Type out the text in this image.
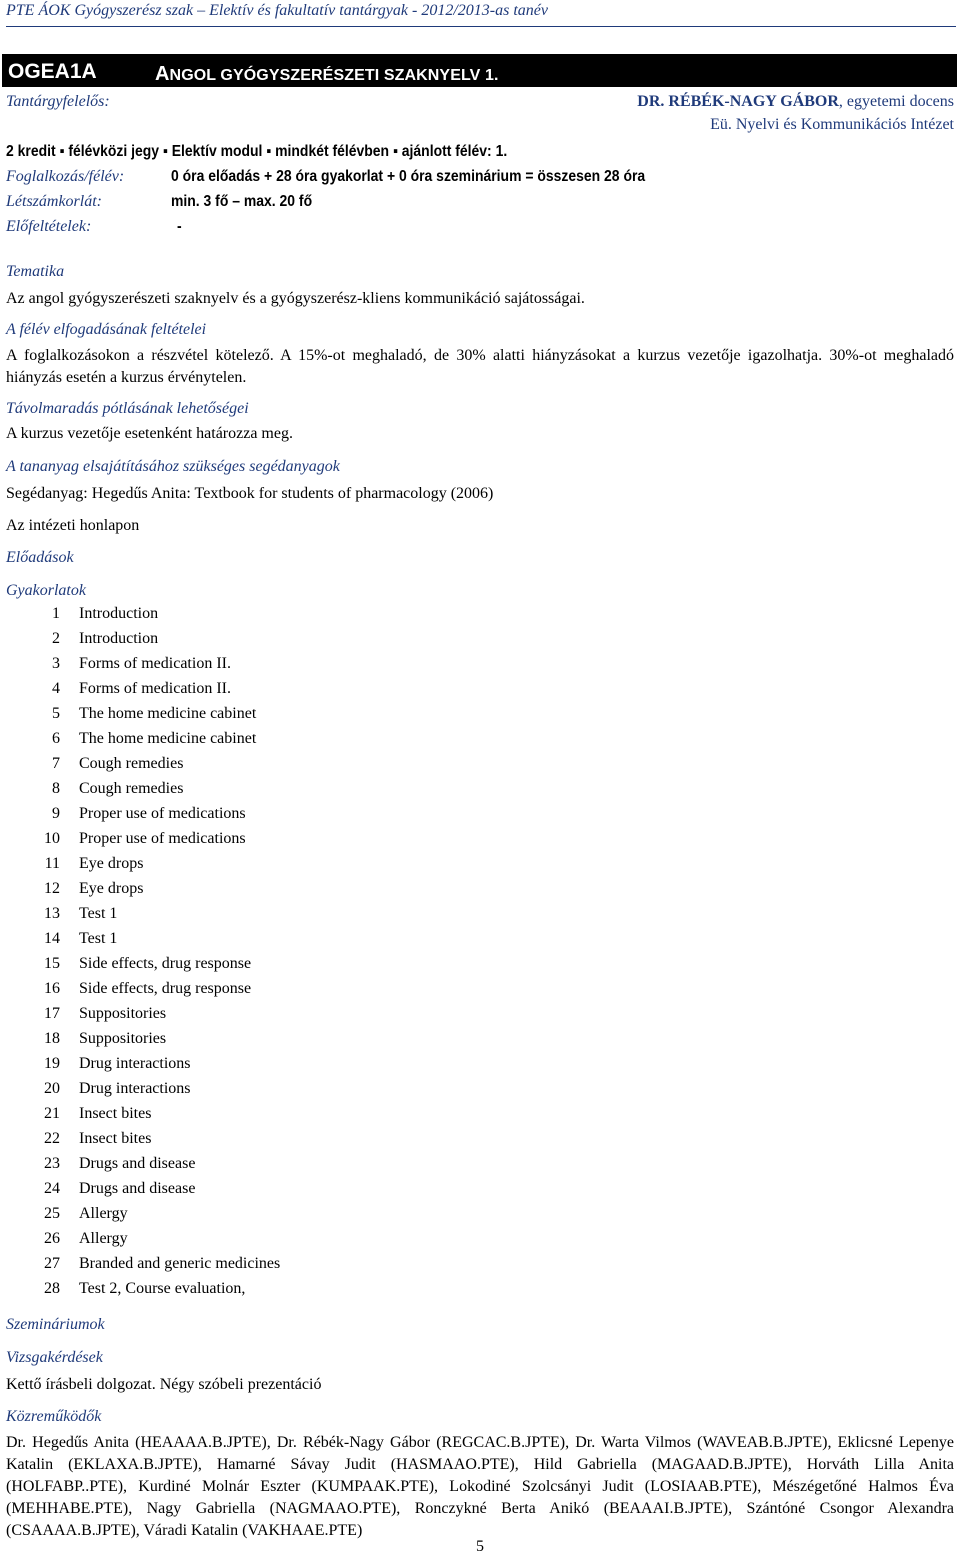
PTE ÁOK Gyógyszerész szak – Elektív és fakultatív tantárgyak - 2012/2013-as tanév
OGEA1A	ANGOL GYÓGYSZERÉSZETI SZAKNYELV 1.
Tantárgyfelelős:	DR. RÉBÉK-NAGY GÁBOR, egyetemi docens
Eü. Nyelvi és Kommunikációs Intézet
2 kredit ▪ félévközi jegy ▪ Elektív modul ▪ mindkét félévben ▪ ajánlott félév: 1.
Foglalkozás/félév:	0 óra előadás + 28 óra gyakorlat + 0 óra szeminárium = összesen 28 óra
Létszámkorlát:	min. 3 fő – max. 20 fő
Előfeltételek:	-
Tematika
Az angol gyógyszerészeti szaknyelv és a gyógyszerész-kliens kommunikáció sajátosságai.
A félév elfogadásának feltételei
A foglalkozásokon a részvétel kötelező. A 15%-ot meghaladó, de 30% alatti hiányzásokat a kurzus vezetője igazolhatja. 30%-ot meghaladó hiányzás esetén a kurzus érvénytelen.
Távolmaradás pótlásának lehetőségei
A kurzus vezetője esetenként határozza meg.
A tananyag elsajátításához szükséges segédanyagok
Segédanyag: Hegedűs Anita: Textbook for students of pharmacology (2006)
Az intézeti honlapon
Előadások
Gyakorlatok
1 Introduction
2 Introduction
3 Forms of medication II.
4 Forms of medication II.
5 The home medicine cabinet
6 The home medicine cabinet
7 Cough remedies
8 Cough remedies
9 Proper use of medications
10 Proper use of medications
11 Eye drops
12 Eye drops
13 Test 1
14 Test 1
15 Side effects, drug response
16 Side effects, drug response
17 Suppositories
18 Suppositories
19 Drug interactions
20 Drug interactions
21 Insect bites
22 Insect bites
23 Drugs and disease
24 Drugs and disease
25 Allergy
26 Allergy
27 Branded and generic medicines
28 Test 2, Course evaluation,
Szemináriumok
Vizsgakérdések
Kettő írásbeli dolgozat. Négy szóbeli prezentáció
Közreműködők
Dr. Hegedűs Anita (HEAAAA.B.JPTE), Dr. Rébék-Nagy Gábor (REGCAC.B.JPTE), Dr. Warta Vilmos (WAVEAB.B.JPTE), Eklicsné Lepenye Katalin (EKLAXA.B.JPTE), Hamarné Sávay Judit (HASMAAO.PTE), Hild Gabriella (MAGAAD.B.JPTE), Horváth Lilla Anita (HOLFABP..PTE), Kurdiné Molnár Eszter (KUMPAAK.PTE), Lokodiné Szolcsányi Judit (LOSIAAB.PTE), Mészégetőné Halmos Éva (MEHHABE.PTE), Nagy Gabriella (NAGMAAO.PTE), Ronczykné Berta Anikó (BEAAAI.B.JPTE), Szántóné Csongor Alexandra (CSAAAA.B.JPTE), Váradi Katalin (VAKHAAE.PTE)
5
